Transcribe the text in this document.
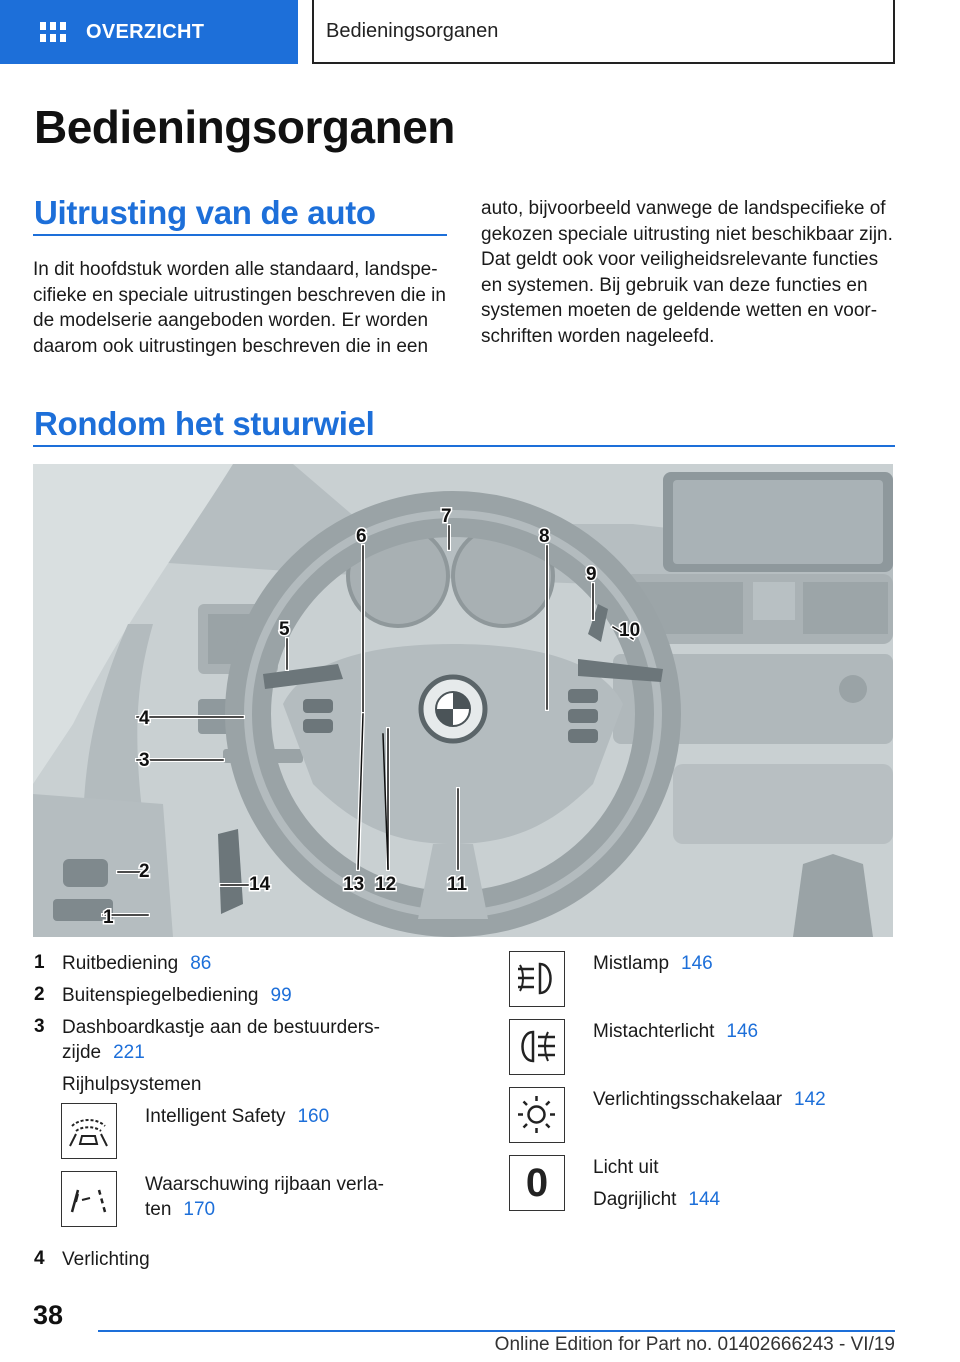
OVERZICHT	Bedieningsorganen
Bedieningsorganen
Uitrusting van de auto
In dit hoofdstuk worden alle standaard, landspe-
cifieke en speciale uitrustingen beschreven die in
de modelserie aangeboden worden. Er worden
daarom ook uitrustingen beschreven die in een
auto, bijvoorbeeld vanwege de landspecifieke of
gekozen speciale uitrusting niet beschikbaar zijn.
Dat geldt ook voor veiligheidsrelevante functies
en systemen. Bij gebruik van deze functies en
systemen moeten de geldende wetten en voor-
schriften worden nageleefd.
Rondom het stuurwiel
1
2
3
4
5
6
7
8
9
10
11
12
13
14
1 Ruitbediening 86
2 Buitenspiegelbediening 99
3 Dashboardkastje aan de bestuurders-
zijde 221
Rijhulpsystemen
Intelligent Safety 160
Waarschuwing rijbaan verla-
ten 170
4 Verlichting
Mistlamp 146
Mistachterlicht 146
Verlichtingsschakelaar 142
0 Licht uit
Dagrijlicht 144
38
Online Edition for Part no. 01402666243 - VI/19
